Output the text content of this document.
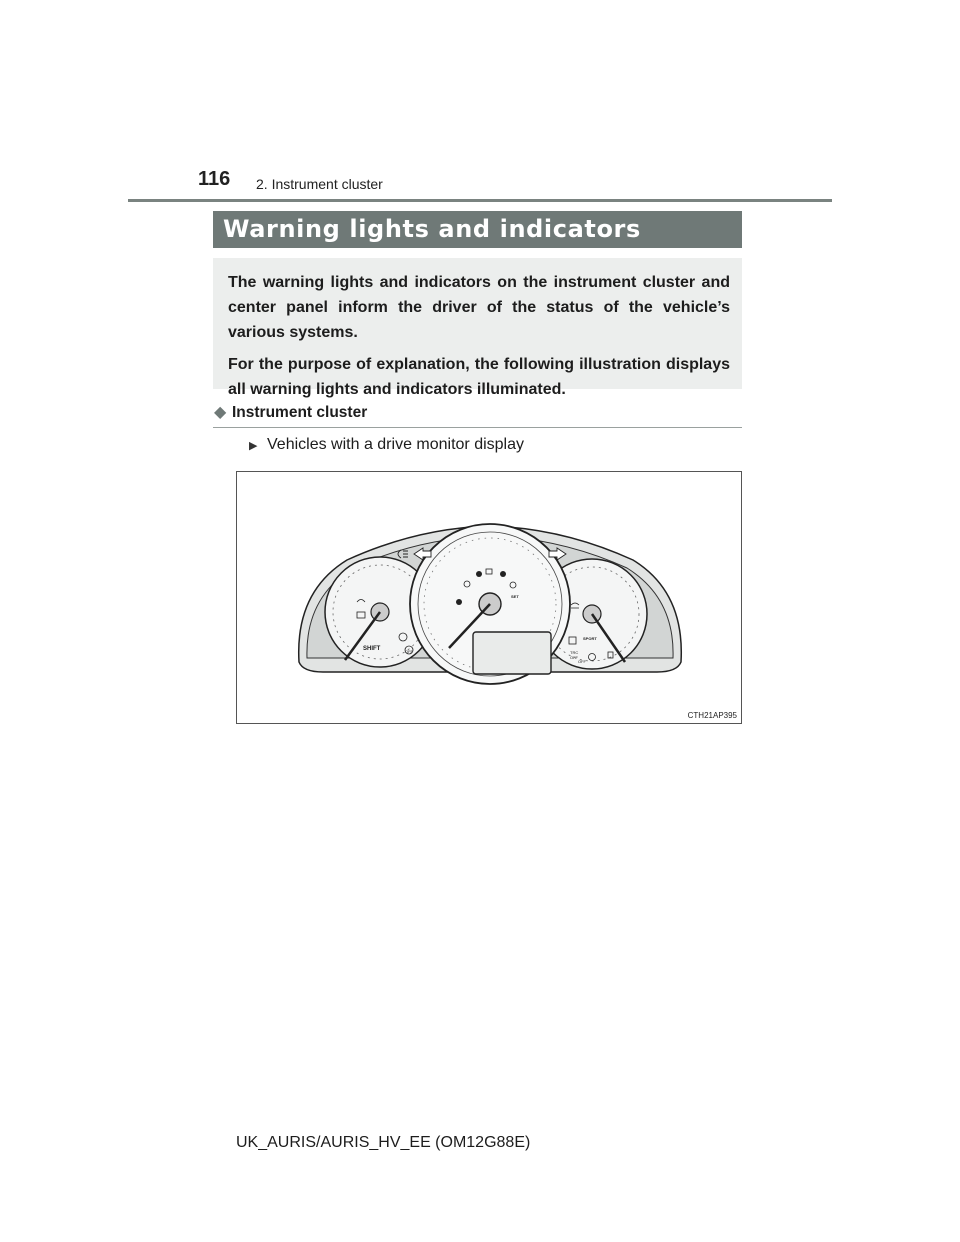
116 2. Instrument cluster
Warning lights and indicators

The warning lights and indicators on the instrument cluster and center panel inform the driver of the status of the vehicle’s various systems.

For the purpose of explanation, the following illustration displays all warning lights and indicators illuminated.

◆ Instrument cluster
▶ Vehicles with a drive monitor display
SHIFT	OFF
SPORT
TRC
OFF
OFF
SET
CTH21AP395
UK_AURIS/AURIS_HV_EE (OM12G88E)
